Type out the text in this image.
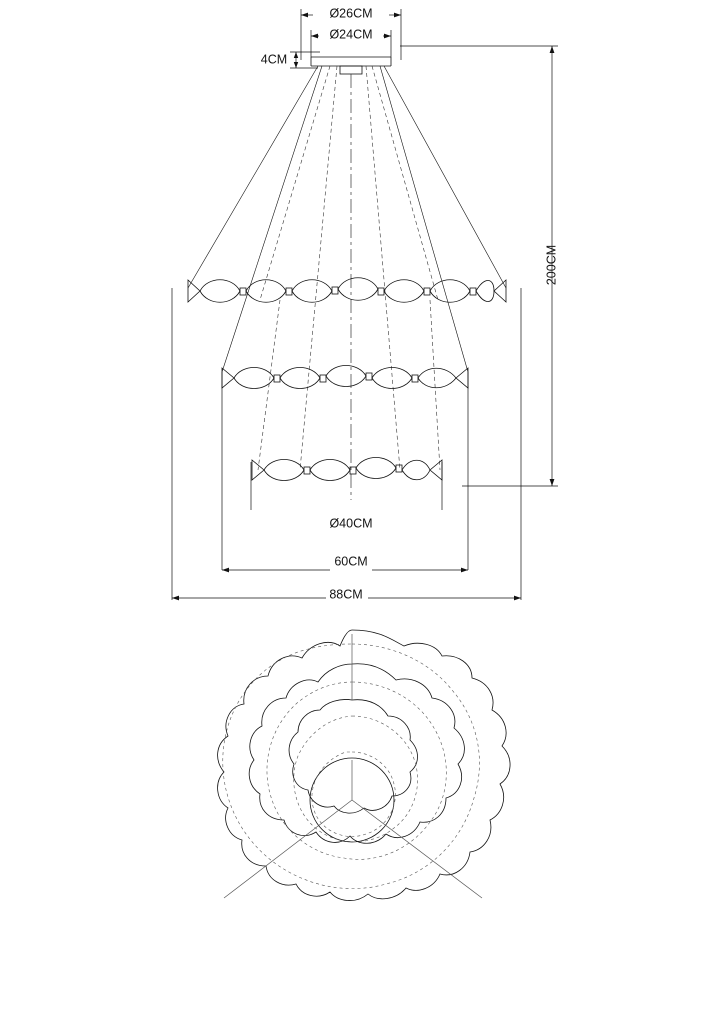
Ø26CM
Ø24CM
4CM
200CM
Ø40CM
60CM
88CM
